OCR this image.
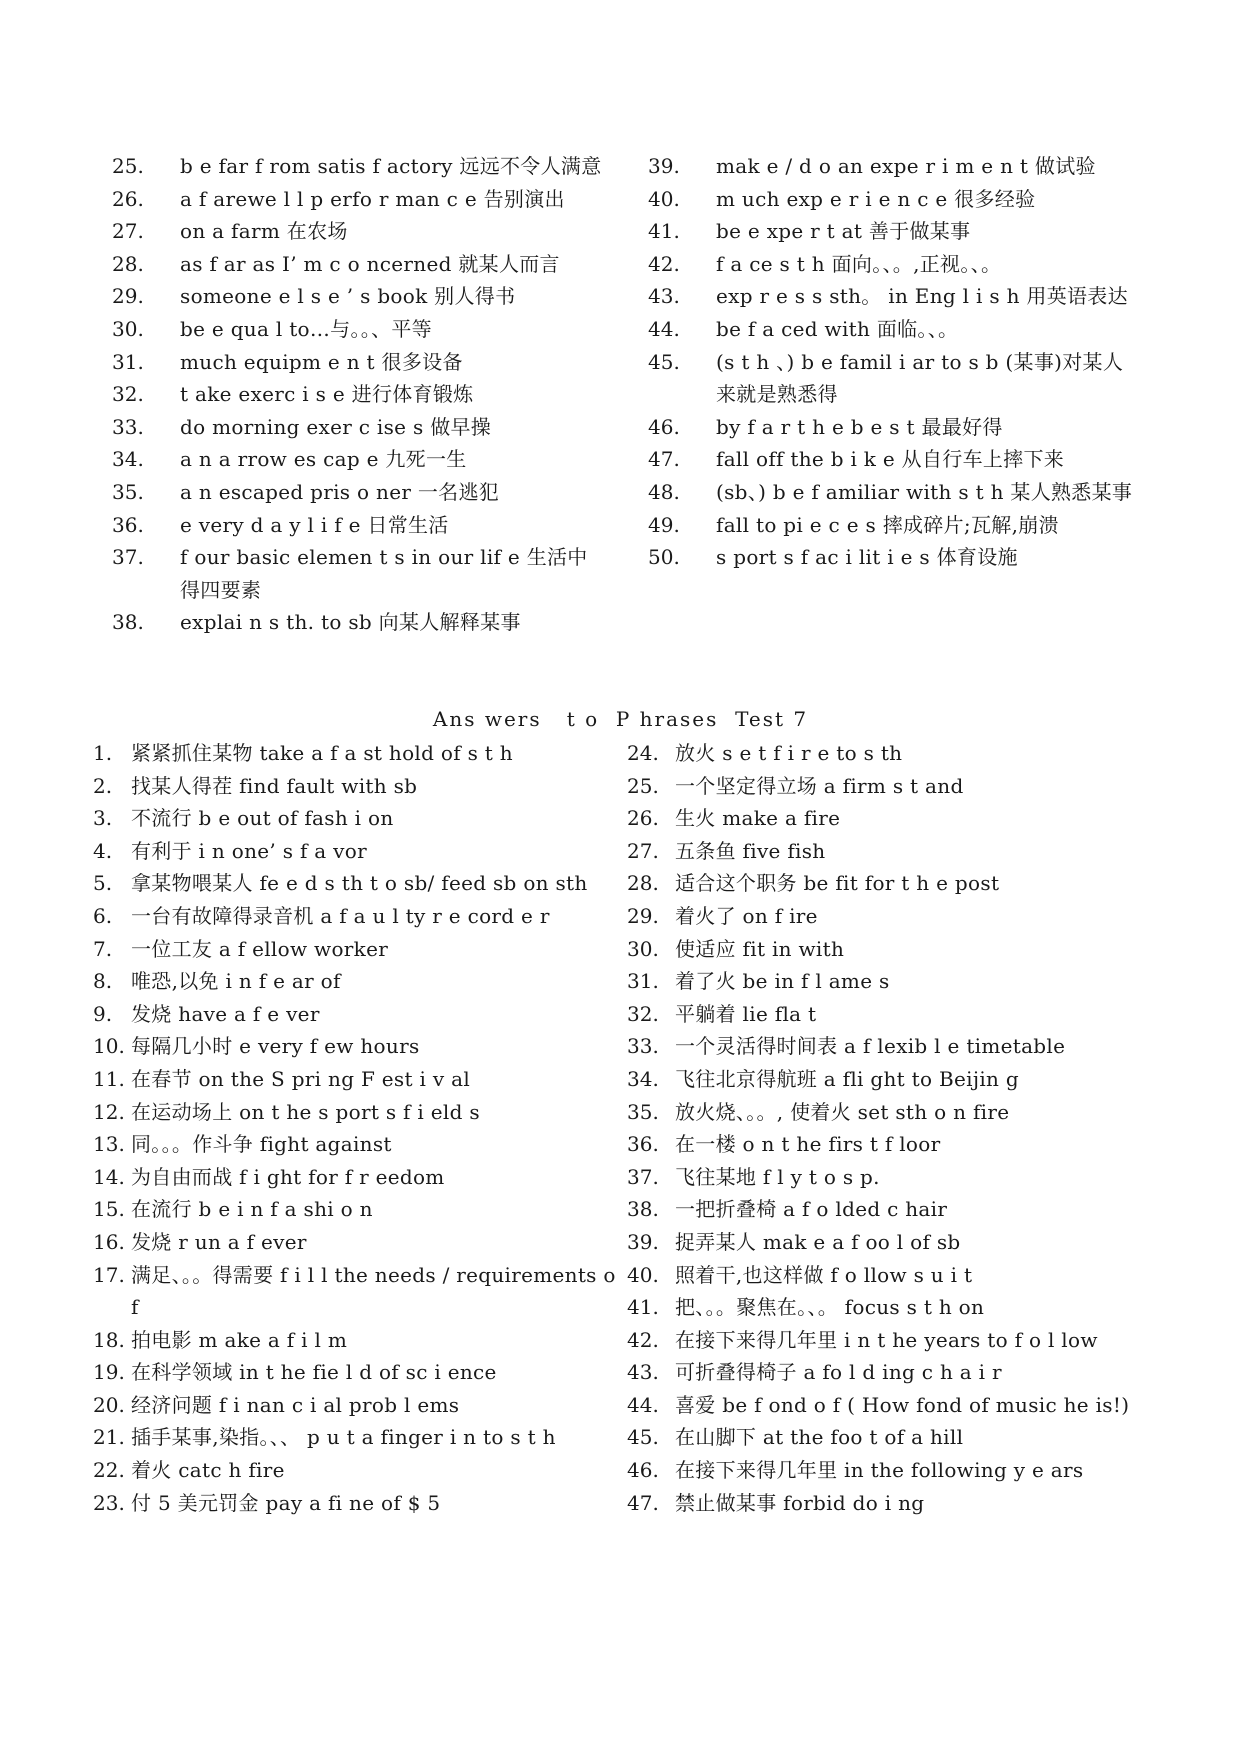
25.	b e far f rom satis f actory 远远不令人满意
26.	a f arewe l l p erfo r man c e 告别演出
27.	on a farm 在农场
28.	as f ar as I’ m c o ncerned 就某人而言
29.	someone e l s e ’ s book 别人得书
30.	be e qua l to…与。。、平等
31.	much equipm e n t 很多设备
32.	t ake exerc i s e 进行体育锻炼
33.	do morning exer c ise s 做早操
34.	a n a rrow es cap e 九死一生
35.	a n escaped pris o ner 一名逃犯
36.	e very d a y l i f e 日常生活
37.	f our basic elemen t s in our lif e 生活中得四要素
38.	explai n s th. to sb 向某人解释某事
39.	mak e / d o an expe r i m e n t 做试验
40.	m uch exp e r i e n c e 很多经验
41.	be e xpe r t at 善于做某事
42.	f a ce s t h 面向。、。,正视。、。
43.	exp r e s s sth。 in Eng l i s h 用英语表达
44.	be f a ced with 面临。、。
45.	(s t h 、) b e famil i ar to s b (某事)对某人来就是熟悉得
46.	by f a r t h e b e s t 最最好得
47.	fall off the b i k e 从自行车上摔下来
48.	(sb、) b e f amiliar with s t h 某人熟悉某事
49.	fall to pi e c e s 摔成碎片;瓦解,崩溃
50.	s port s f ac i lit i e s 体育设施
Ans wers   t o  P hrases  Test 7
1. 紧紧抓住某物 take a f a st hold of s t h
2. 找某人得茬 find fault with sb
3. 不流行 b e out of fash i on
4. 有利于 i n one’ s f a vor
5. 拿某物喂某人 fe e d s th t o sb/ feed sb on sth
6. 一台有故障得录音机 a f a u l ty r e cord e r
7. 一位工友 a f ellow worker
8. 唯恐,以免 i n f e ar of
9. 发烧 have a f e ver
10. 每隔几小时 e very f ew hours
11. 在春节 on the S pri ng F est i v al
12. 在运动场上 on t he s port s f i eld s
13. 同。。。作斗争 fight against
14. 为自由而战 f i ght for f r eedom
15. 在流行 b e i n f a shi o n
16. 发烧 r un a f ever
17. 满足、。。得需要 f i l l the needs / requirements of
18. 拍电影 m ake a f i l m
19. 在科学领域 in t he fie l d of sc i ence
20. 经济问题 f i nan c i al prob l ems
21. 插手某事,染指。、、 p u t a finger i n to s t h
22. 着火 catc h fire
23. 付 5 美元罚金 pay a fi ne of $ 5
24. 放火 s e t f i r e to s th
25. 一个坚定得立场 a firm s t and
26. 生火 make a fire
27. 五条鱼 five fish
28. 适合这个职务 be fit for t h e post
29. 着火了 on f ire
30. 使适应 fit in with
31. 着了火 be in f l ame s
32. 平躺着 lie fla t
33. 一个灵活得时间表 a f lexib l e timetable
34. 飞往北京得航班 a fli ght to Beijin g
35. 放火烧、。。, 使着火 set sth o n fire
36. 在一楼 o n t he firs t f loor
37. 飞往某地 f l y t o s p.
38. 一把折叠椅 a f o lded c hair
39. 捉弄某人 mak e a f oo l of sb
40. 照着干,也这样做 f o llow s u i t
41. 把、。。聚焦在。、。 focus s t h on
42. 在接下来得几年里 i n t he years to f o l low
43. 可折叠得椅子 a fo l d ing c h a i r
44. 喜爱 be f ond o f ( How fond of music he is!)
45. 在山脚下 at the foo t of a hill
46. 在接下来得几年里 in the following y e ars
47. 禁止做某事 forbid do i ng
